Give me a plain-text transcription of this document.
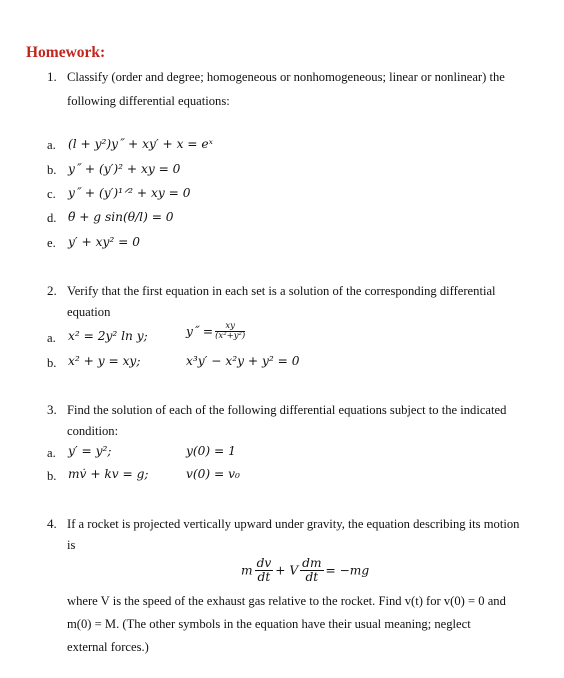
Homework:
1. Classify (order and degree; homogeneous or nonhomogeneous; linear or nonlinear) the
following differential equations:
a. (l + y²)y˝ + xy′ + x = eˣ
b. y˝ + (y′)² + xy = 0
c. y˝ + (y′)¹ᐟ² + xy = 0
d. θ̈ + g sin(θ/l) = 0
e. y′ + xy² = 0
2. Verify that the first equation in each set is a solution of the corresponding differential
equation
a. x² = 2y² ln y;	y˝ = $\frac{xy}{\text{(x²+y²)}}$
b. x² + y = xy;	x³y′ − x²y + y² = 0
3. Find the solution of each of the following differential equations subject to the indicated
condition:
a. y′ = y²;	y(0) = 1
b. mv̇ + kv = g;	v(0) = v₀
4. If a rocket is projected vertically upward under gravity, the equation describing its motion
is
m $\frac{dv}{dt} + V \frac{dm}{dt} = -mg$
where V is the speed of the exhaust gas relative to the rocket. Find v(t) for v(0) = 0 and
m(0) = M. (The other symbols in the equation have their usual meaning; neglect
external forces.)
